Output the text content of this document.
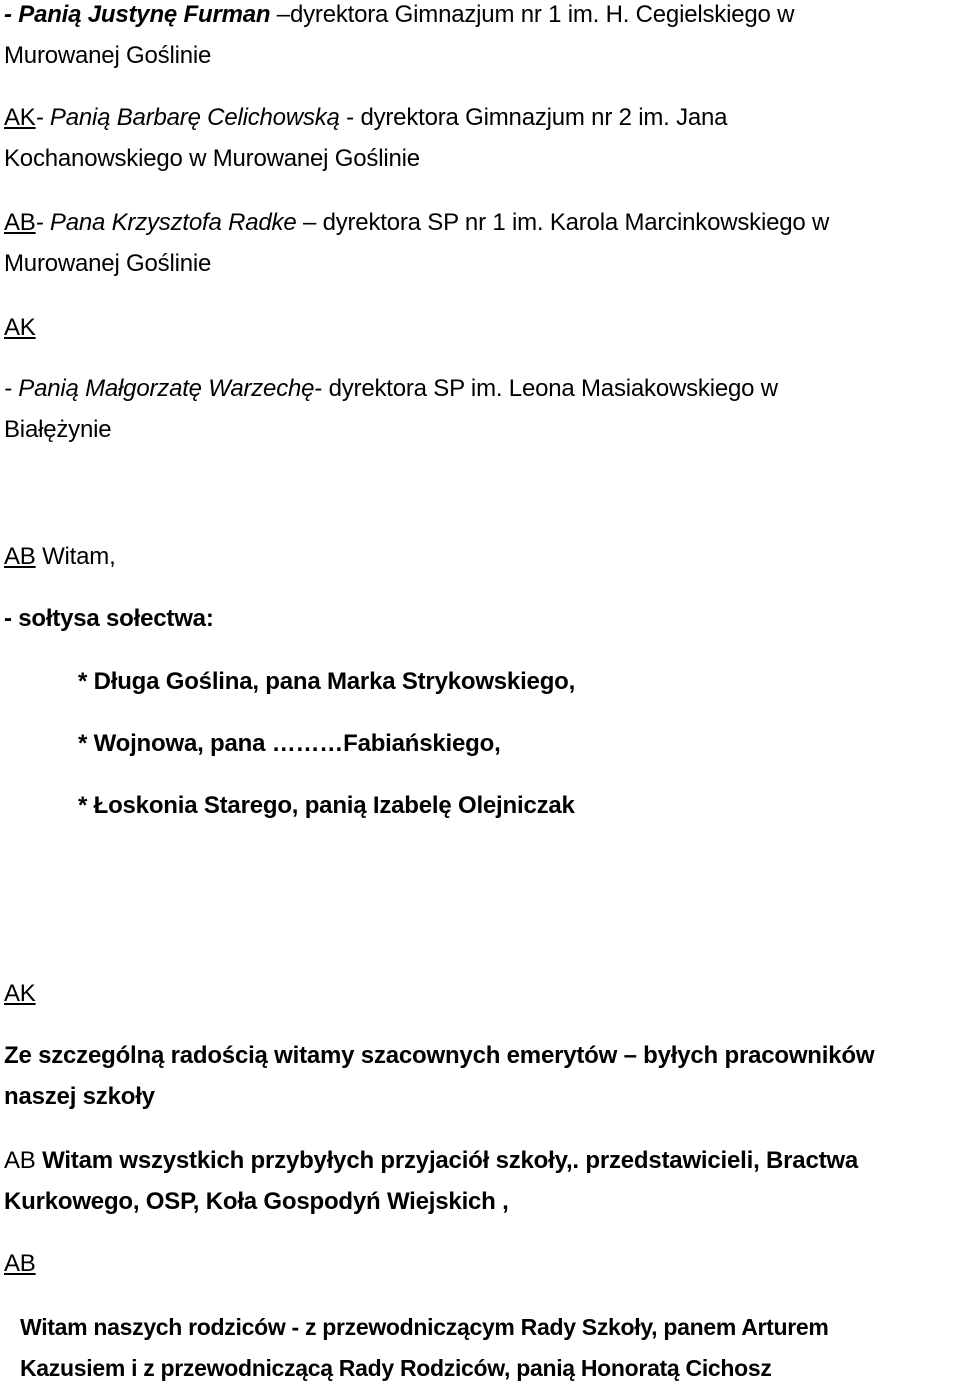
- Panią Justynę Furman –dyrektora Gimnazjum nr 1 im. H. Cegielskiego w

Murowanej Goślinie

AK- Panią Barbarę Celichowską - dyrektora Gimnazjum nr 2 im. Jana

Kochanowskiego w Murowanej Goślinie

AB- Pana Krzysztofa Radke – dyrektora SP nr 1 im. Karola Marcinkowskiego w

Murowanej Goślinie

AK

- Panią Małgorzatę Warzechę- dyrektora SP im. Leona Masiakowskiego w

Białężynie

AB Witam,

- sołtysa sołectwa:

* Długa Goślina, pana Marka Strykowskiego,

* Wojnowa, pana ………Fabiańskiego,

* Łoskonia Starego, panią Izabelę Olejniczak

AK

Ze szczególną radością witamy szacownych emerytów – byłych pracowników

naszej szkoły

AB Witam wszystkich przybyłych przyjaciół szkoły,. przedstawicieli, Bractwa

Kurkowego, OSP, Koła Gospodyń Wiejskich ,

AB

Witam naszych rodziców - z przewodniczącym Rady Szkoły, panem Arturem

Kazusiem i z przewodniczącą Rady Rodziców, panią Honoratą Cichosz
